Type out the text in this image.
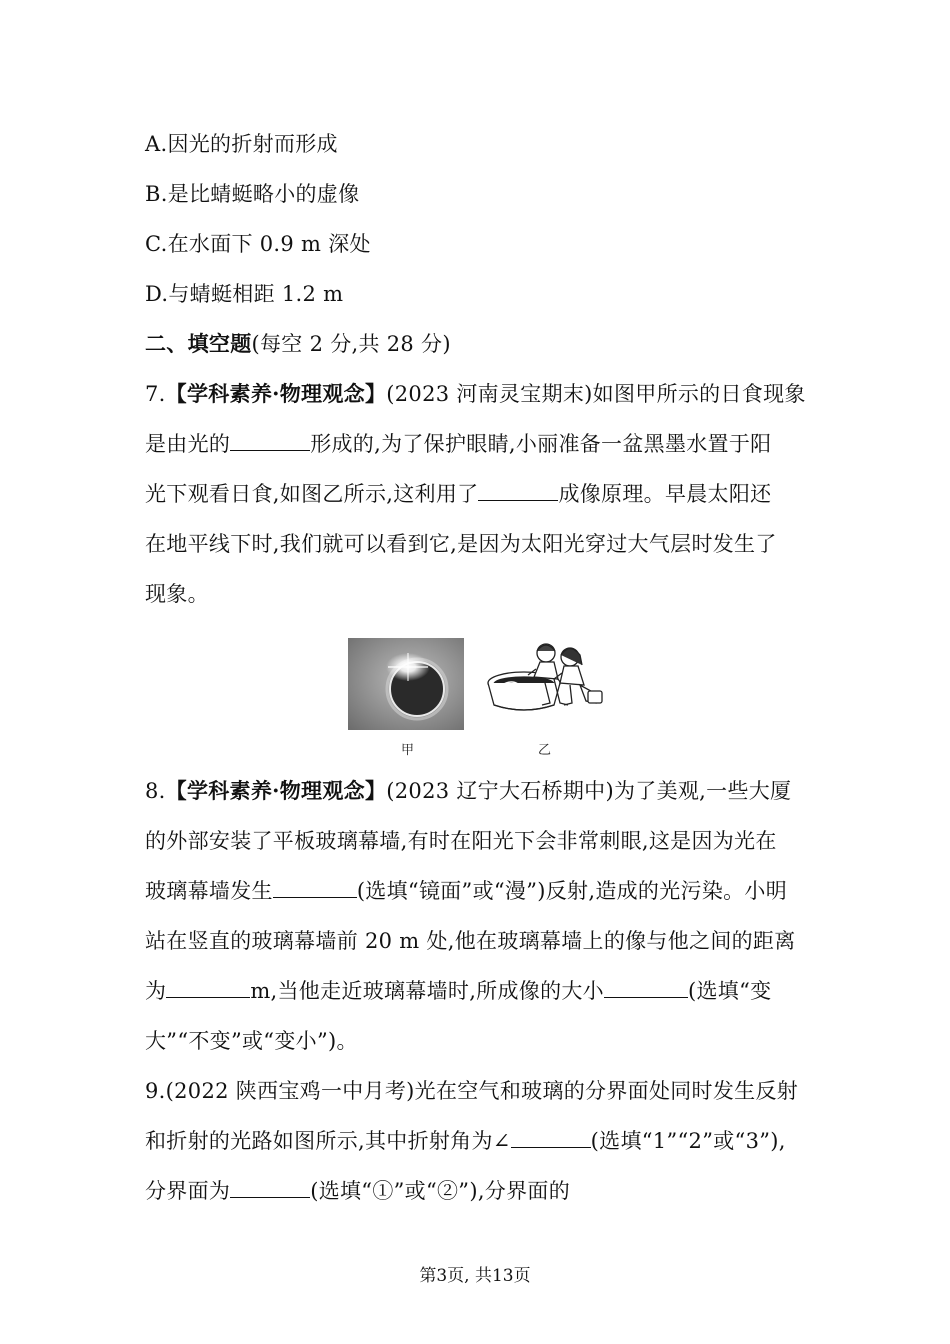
A.因光的折射而形成
B.是比蜻蜓略小的虚像
C.在水面下 0.9 m 深处
D.与蜻蜓相距 1.2 m
二、填空题(每空 2 分,共 28 分)
7.【学科素养·物理观念】(2023 河南灵宝期末)如图甲所示的日食现象
是由光的	形成的,为了保护眼睛,小丽准备一盆黑墨水置于阳
光下观看日食,如图乙所示,这利用了	成像原理。早晨太阳还
在地平线下时,我们就可以看到它,是因为太阳光穿过大气层时发生了
现象。
甲	乙
8.【学科素养·物理观念】(2023 辽宁大石桥期中)为了美观,一些大厦
的外部安装了平板玻璃幕墙,有时在阳光下会非常刺眼,这是因为光在
玻璃幕墙发生	(选填“镜面”或“漫”)反射,造成的光污染。小明
站在竖直的玻璃幕墙前 20 m 处,他在玻璃幕墙上的像与他之间的距离
为	m,当他走近玻璃幕墙时,所成像的大小	(选填“变
大”“不变”或“变小”)。
9.(2022 陕西宝鸡一中月考)光在空气和玻璃的分界面处同时发生反射
和折射的光路如图所示,其中折射角为∠	(选填“1”“2”或“3”),
分界面为	(选填“①”或“②”),分界面的
第3页, 共13页
